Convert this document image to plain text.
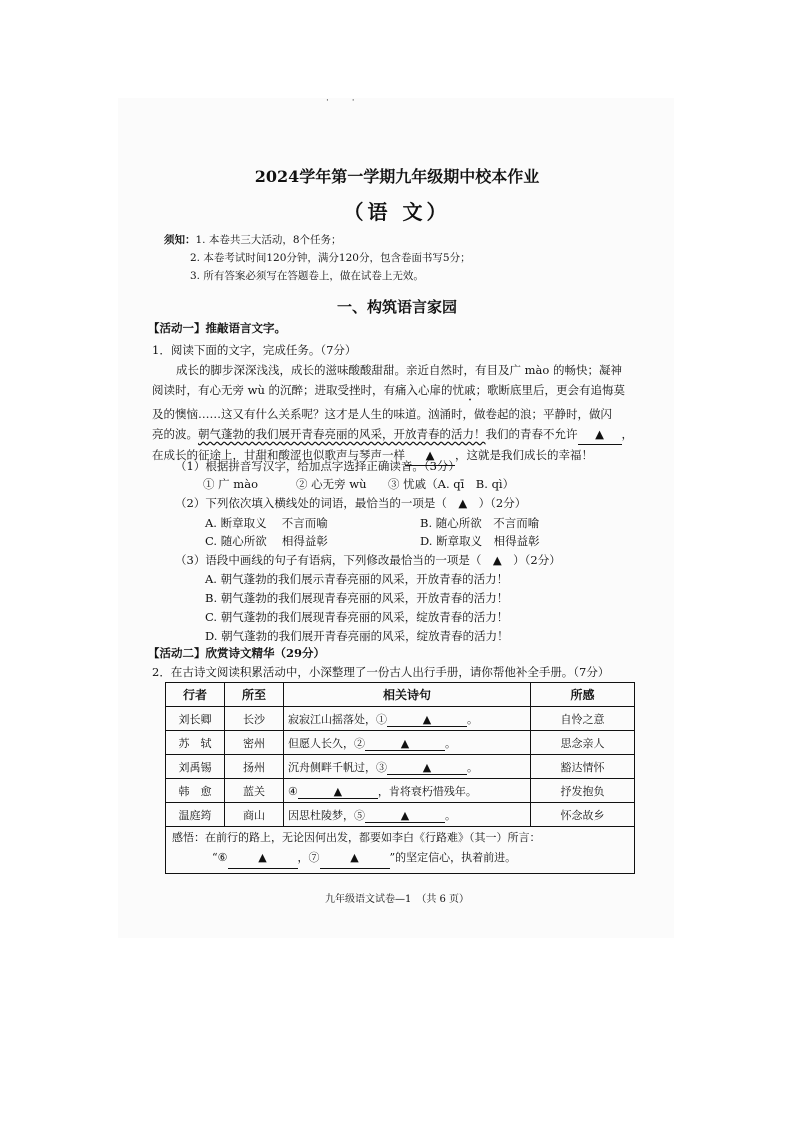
· ·
2024学年第一学期九年级期中校本作业
（语 文）
须知：1. 本卷共三大活动，8个任务；
2. 本卷考试时间120分钟，满分120分，包含卷面书写5分；
3. 所有答案必须写在答题卷上，做在试卷上无效。
一、构筑语言家园
【活动一】推敲语言文字。
1．阅读下面的文字，完成任务。（7分）
成长的脚步深深浅浅，成长的滋味酸酸甜甜。亲近自然时，有目及广 mào 的畅快；凝神
阅读时，有心无旁 wù 的沉醉；进取受挫时，有痛入心扉的忧戚；歌断底里后，更会有追悔莫
及的懊恼……这又有什么关系呢？这才是人生的味道。汹涌时，做卷起的浪；平静时，做闪
亮的波。朝气蓬勃的我们展开青春亮丽的风采，开放青春的活力！我们的青春不允许 ▲ ，
在成长的征途上，甘甜和酸涩也似歌声与琴声一样 ▲ ，这就是我们成长的幸福！
（1）根据拼音写汉字，给加点字选择正确读音。（3分）
① 广 mào	② 心无旁 wù ③ 忧戚（A. qī　B. qì）
（2）下列依次填入横线处的词语，最恰当的一项是（　▲　）（2分）
A. 断章取义　 不言而喻	B. 随心所欲　不言而喻
C. 随心所欲　 相得益彰	D. 断章取义　相得益彰
（3）语段中画线的句子有语病，下列修改最恰当的一项是（　▲　）（2分）
A. 朝气蓬勃的我们展示青春亮丽的风采，开放青春的活力！
B. 朝气蓬勃的我们展现青春亮丽的风采，开放青春的活力！
C. 朝气蓬勃的我们展现青春亮丽的风采，绽放青春的活力！
D. 朝气蓬勃的我们展开青春亮丽的风采，绽放青春的活力！
【活动二】欣赏诗文精华（29分）
2．在古诗文阅读积累活动中，小深整理了一份古人出行手册，请你帮他补全手册。（7分）
行者	所至	相关诗句	所感
刘长卿	长沙	寂寂江山摇落处，① ▲ 。	自怜之意
苏　轼	密州	但愿人长久，② ▲ 。	思念亲人
刘禹锡	扬州	沉舟侧畔千帆过，③ ▲ 。	豁达情怀
韩　愈	蓝关	④ ▲ ，肯将衰朽惜残年。	抒发抱负
温庭筠	商山	因思杜陵梦，⑤ ▲ 。	怀念故乡

感悟：在前行的路上，无论因何出发，都要如李白《行路难》（其一）所言：
“⑥	▲	，⑦	▲	”的坚定信心，执着前进。
九年级语文试卷—1　（共 6 页）
